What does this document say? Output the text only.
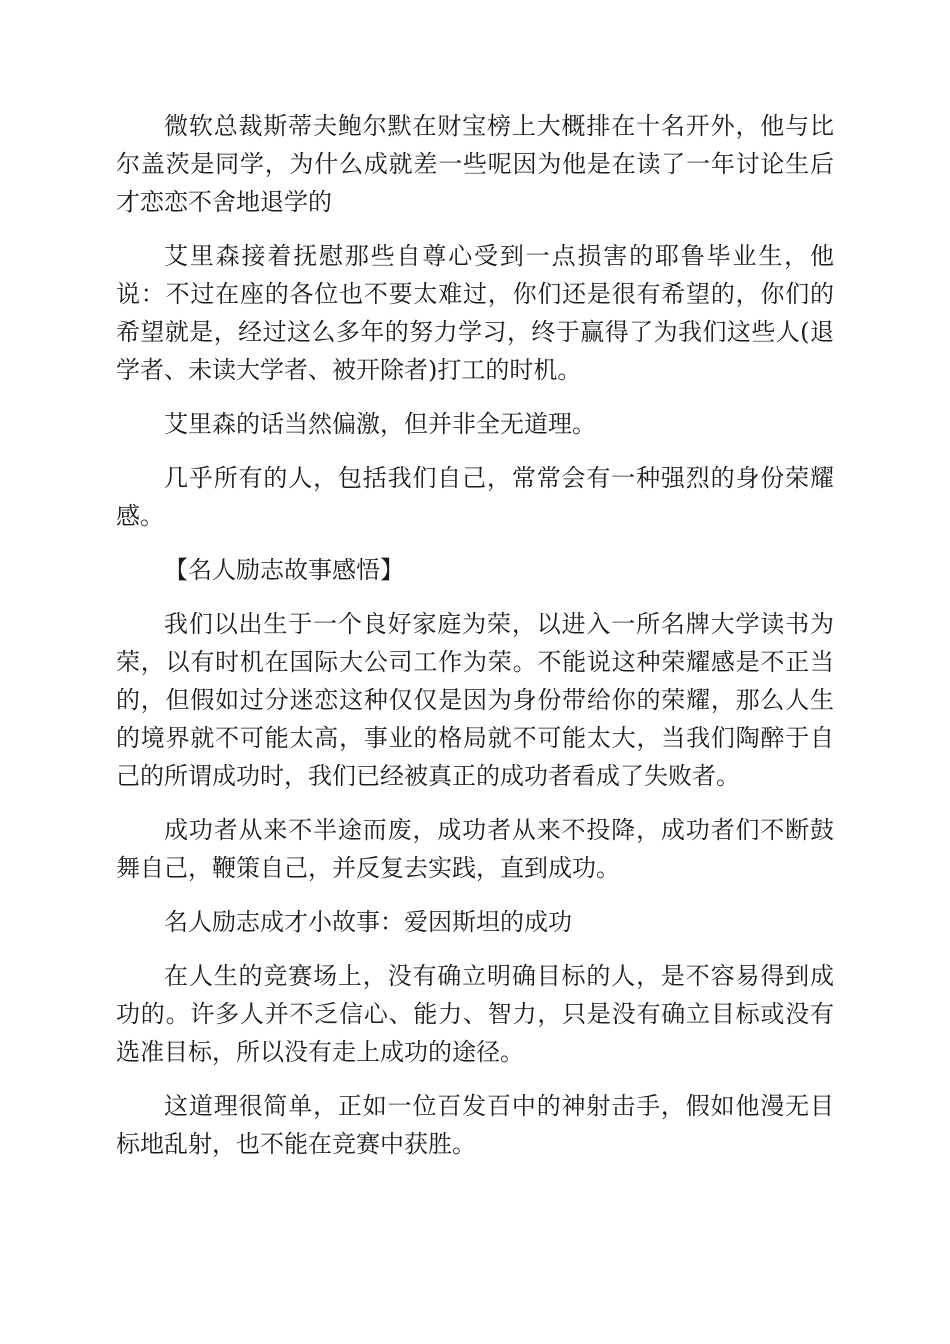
微软总裁斯蒂夫鲍尔默在财宝榜上大概排在十名开外，他与比尔盖茨是同学，为什么成就差一些呢因为他是在读了一年讨论生后才恋恋不舍地退学的

艾里森接着抚慰那些自尊心受到一点损害的耶鲁毕业生，他说：不过在座的各位也不要太难过，你们还是很有希望的，你们的希望就是，经过这么多年的努力学习，终于赢得了为我们这些人(退学者、未读大学者、被开除者)打工的时机。

艾里森的话当然偏激，但并非全无道理。

几乎所有的人，包括我们自己，常常会有一种强烈的身份荣耀感。

【名人励志故事感悟】

我们以出生于一个良好家庭为荣，以进入一所名牌大学读书为荣，以有时机在国际大公司工作为荣。不能说这种荣耀感是不正当的，但假如过分迷恋这种仅仅是因为身份带给你的荣耀，那么人生的境界就不可能太高，事业的格局就不可能太大，当我们陶醉于自己的所谓成功时，我们已经被真正的成功者看成了失败者。

成功者从来不半途而废，成功者从来不投降，成功者们不断鼓舞自己，鞭策自己，并反复去实践，直到成功。

名人励志成才小故事：爱因斯坦的成功

在人生的竞赛场上，没有确立明确目标的人，是不容易得到成功的。许多人并不乏信心、能力、智力，只是没有确立目标或没有选准目标，所以没有走上成功的途径。

这道理很简单，正如一位百发百中的神射击手，假如他漫无目标地乱射，也不能在竞赛中获胜。
